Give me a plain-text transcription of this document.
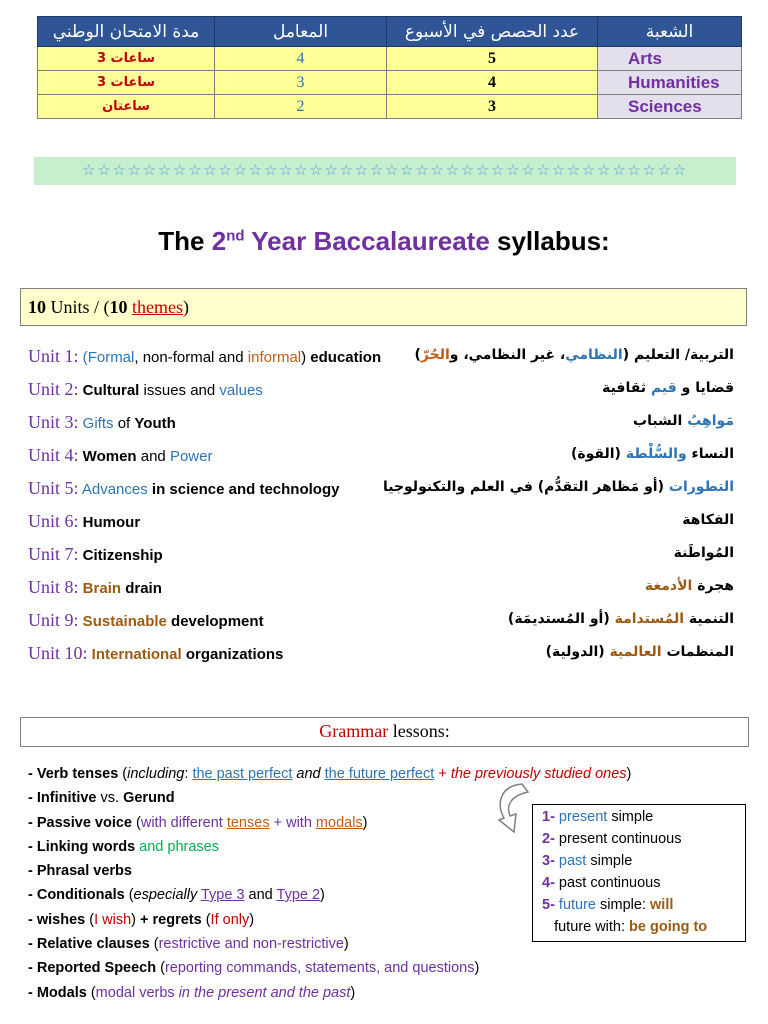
مدة الامتحان الوطني	المعامل	عدد الحصص في الأسبوع	الشعبة
3 ساعات	4	5	Arts
3 ساعات	3	4	Humanities
ساعتان	2	3	Sciences
☆☆☆☆☆☆☆☆☆☆☆☆☆☆☆☆☆☆☆☆☆☆☆☆☆☆☆☆☆☆☆☆☆☆☆☆☆☆☆☆
The 2nd Year Baccalaureate syllabus:
10 Units / (10 themes)
Unit 1: (Formal, non-formal and informal) education	التربية/ التعليم (النظامي، غير النظامي، والحُرّ)
Unit 2: Cultural issues and values	قضايا و قيم ثقافية
Unit 3: Gifts of Youth	مَواهِبُ الشباب
Unit 4: Women and Power	النساء والسُّلْطة (القوة)
Unit 5: Advances in science and technology	التطورات (أو مَظاهر التقدُّم) في العلم والتكنولوجيا
Unit 6: Humour	الفكاهة
Unit 7: Citizenship	المُواطَنة
Unit 8: Brain drain	هجرة الأدمغة
Unit 9: Sustainable development	التنمية المُستدامة (أو المُستديمَة)
Unit 10: International organizations	المنظمات العالمية (الدولية)
Grammar lessons:
- Verb tenses (including: the past perfect and the future perfect + the previously studied ones)
- Infinitive vs. Gerund
- Passive voice (with different tenses + with modals)
- Linking words and phrases
- Phrasal verbs
- Conditionals (especially Type 3 and Type 2)
- wishes (I wish) + regrets (If only)
- Relative clauses (restrictive and non-restrictive)
- Reported Speech (reporting commands, statements, and questions)
- Modals (modal verbs in the present and the past)
1- present simple
2- present continuous
3- past simple
4- past continuous
5- future simple: will
future with: be going to
